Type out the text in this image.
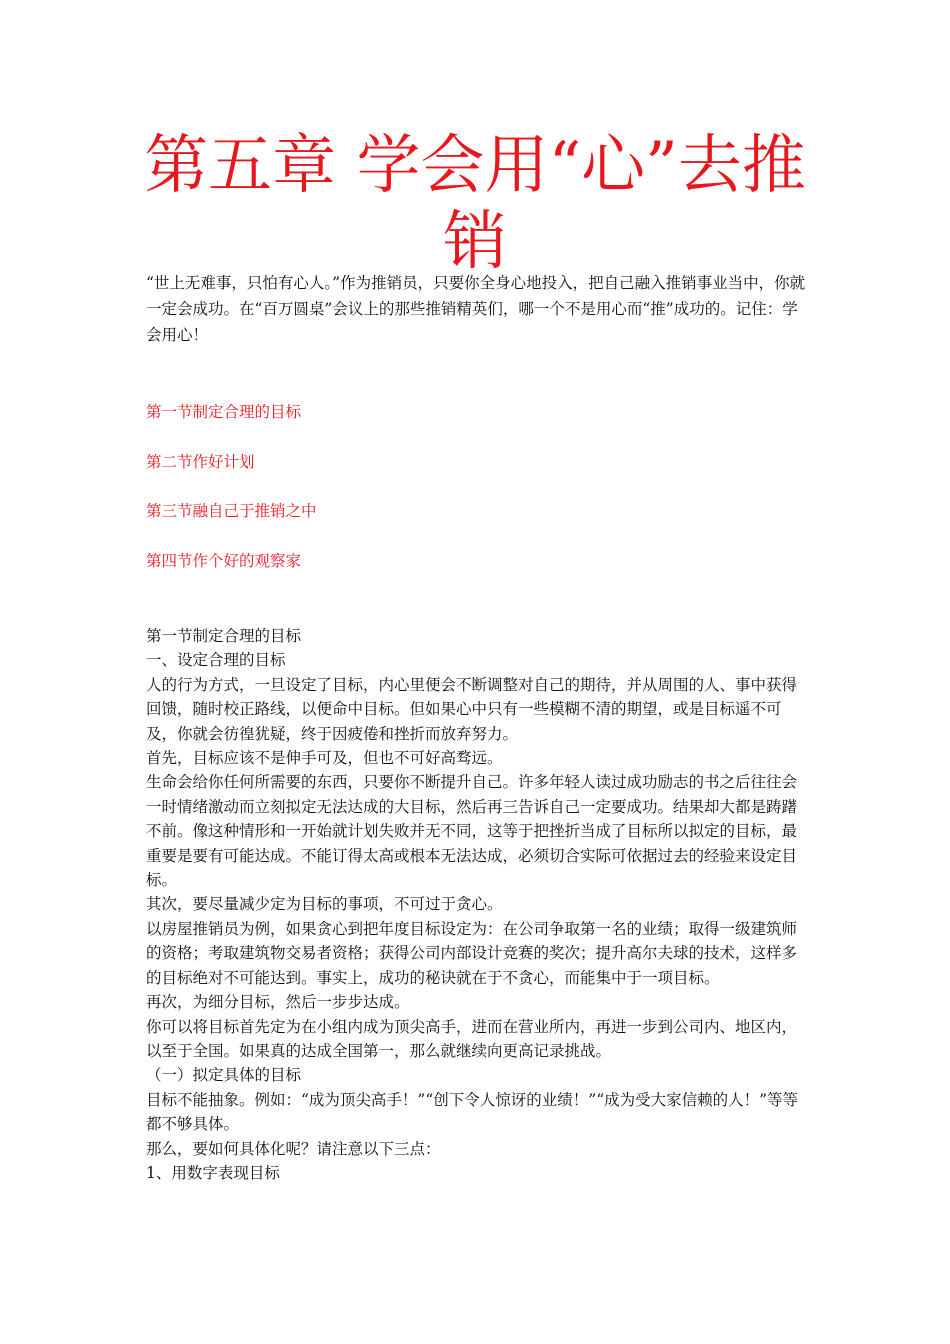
第五章 学会用“心”去推销

“世上无难事，只怕有心人。”作为推销员，只要你全身心地投入，把自己融入推销事业当中，你就一定会成功。在“百万圆桌”会议上的那些推销精英们，哪一个不是用心而“推”成功的。记住：学会用心！

第一节制定合理的目标

第二节作好计划

第三节融自己于推销之中

第四节作个好的观察家

第一节制定合理的目标

一、设定合理的目标

人的行为方式，一旦设定了目标，内心里便会不断调整对自己的期待，并从周围的人、事中获得回馈，随时校正路线，以便命中目标。但如果心中只有一些模糊不清的期望，或是目标遥不可及，你就会彷徨犹疑，终于因疲倦和挫折而放弃努力。

首先，目标应该不是伸手可及，但也不可好高骛远。

生命会给你任何所需要的东西，只要你不断提升自己。许多年轻人读过成功励志的书之后往往会一时情绪激动而立刻拟定无法达成的大目标，然后再三告诉自己一定要成功。结果却大都是踌躇不前。像这种情形和一开始就计划失败并无不同，这等于把挫折当成了目标所以拟定的目标，最重要是要有可能达成。不能订得太高或根本无法达成，必须切合实际可依据过去的经验来设定目标。

其次，要尽量减少定为目标的事项，不可过于贪心。

以房屋推销员为例，如果贪心到把年度目标设定为：在公司争取第一名的业绩；取得一级建筑师的资格；考取建筑物交易者资格；获得公司内部设计竞赛的奖次；提升高尔夫球的技术，这样多的目标绝对不可能达到。事实上，成功的秘诀就在于不贪心，而能集中于一项目标。

再次，为细分目标，然后一步步达成。

你可以将目标首先定为在小组内成为顶尖高手，进而在营业所内，再进一步到公司内、地区内，以至于全国。如果真的达成全国第一，那么就继续向更高记录挑战。

（一）拟定具体的目标

目标不能抽象。例如：“成为顶尖高手！”“创下令人惊讶的业绩！”“成为受大家信赖的人！”等等都不够具体。

那么，要如何具体化呢？请注意以下三点：

1、用数字表现目标
